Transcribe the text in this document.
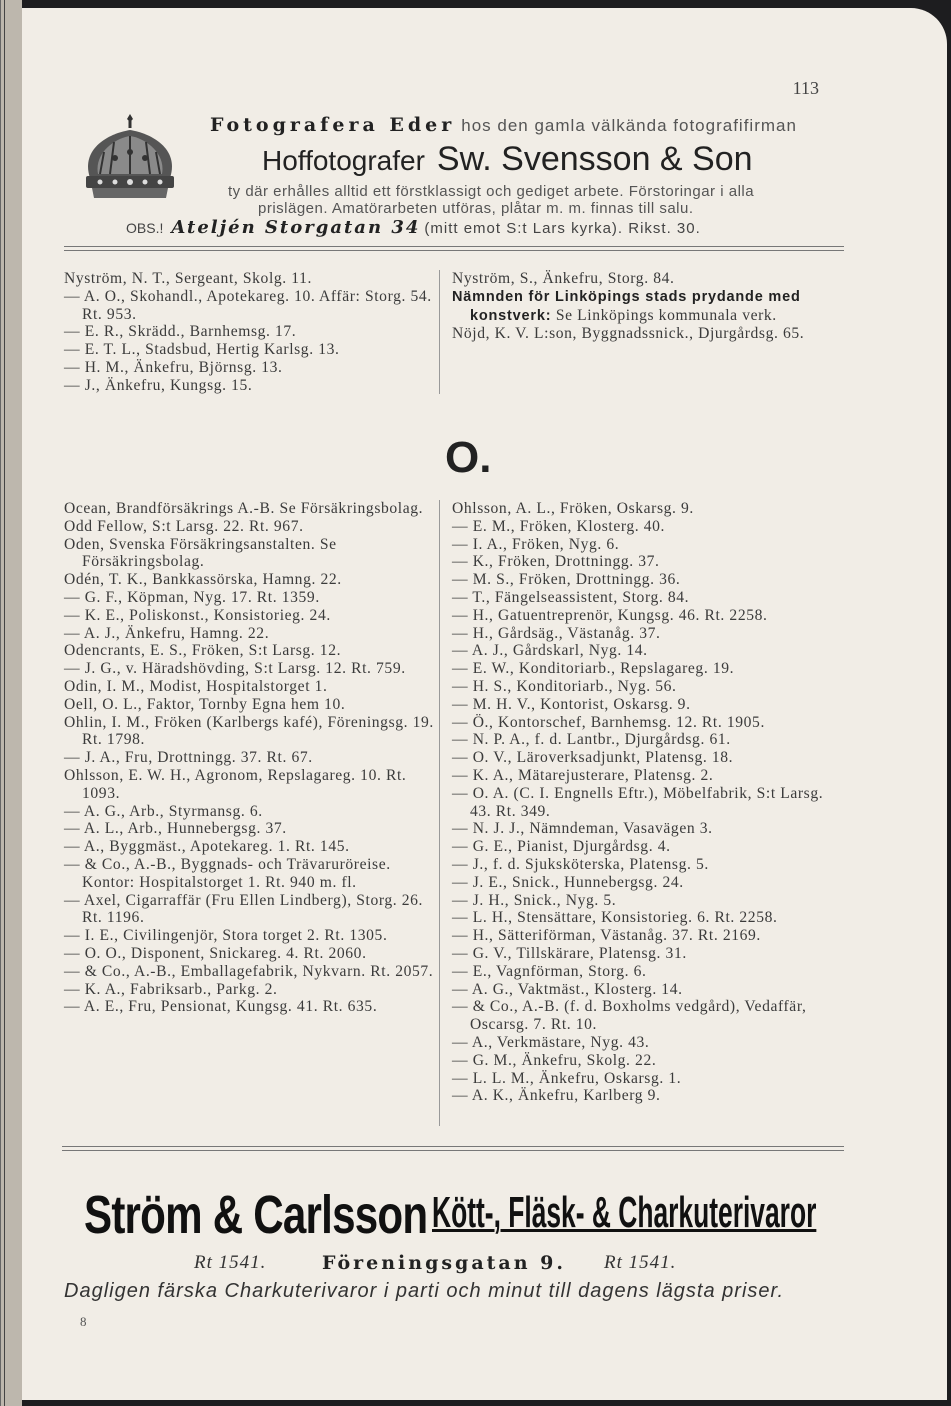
113
Fotografera Eder hos den gamla välkända fotografifirman
Hoffotografer Sw. Svensson & Son
ty där erhålles alltid ett förstklassigt och gediget arbete. Förstoringar i alla
prislägen. Amatörarbeten utföras, plåtar m. m. finnas till salu.
OBS.! Ateljén Storgatan 34 (mitt emot S:t Lars kyrka). Rikst. 30.

Nyström, N. T., Sergeant, Skolg. 11.

— A. O., Skohandl., Apotekareg. 10. Affär: Storg. 54. Rt. 953.

— E. R., Skrädd., Barnhemsg. 17.

— E. T. L., Stadsbud, Hertig Karlsg. 13.

— H. M., Änkefru, Björnsg. 13.

— J., Änkefru, Kungsg. 15.

Nyström, S., Änkefru, Storg. 84.

Nämnden för Linköpings stads prydande med konstverk: Se Linköpings kommunala verk.

Nöjd, K. V. L:son, Byggnadssnick., Djurgårdsg. 65.

O.

Ocean, Brandförsäkrings A.-B. Se Försäkringsbolag.

Odd Fellow, S:t Larsg. 22. Rt. 967.

Oden, Svenska Försäkringsanstalten. Se Försäkringsbolag.

Odén, T. K., Bankkassörska, Hamng. 22.

— G. F., Köpman, Nyg. 17. Rt. 1359.

— K. E., Poliskonst., Konsistorieg. 24.

— A. J., Änkefru, Hamng. 22.

Odencrants, E. S., Fröken, S:t Larsg. 12.

— J. G., v. Häradshövding, S:t Larsg. 12. Rt. 759.

Odin, I. M., Modist, Hospitalstorget 1.

Oell, O. L., Faktor, Tornby Egna hem 10.

Ohlin, I. M., Fröken (Karlbergs kafé), Föreningsg. 19. Rt. 1798.

— J. A., Fru, Drottningg. 37. Rt. 67.

Ohlsson, E. W. H., Agronom, Repslagareg. 10. Rt. 1093.

— A. G., Arb., Styrmansg. 6.

— A. L., Arb., Hunnebergsg. 37.

— A., Byggmäst., Apotekareg. 1. Rt. 145.

— & Co., A.-B., Byggnads- och Trävaruröreise. Kontor: Hospitalstorget 1. Rt. 940 m. fl.

— Axel, Cigarraffär (Fru Ellen Lindberg), Storg. 26. Rt. 1196.

— I. E., Civilingenjör, Stora torget 2. Rt. 1305.

— O. O., Disponent, Snickareg. 4. Rt. 2060.

— & Co., A.-B., Emballagefabrik, Nykvarn. Rt. 2057.

— K. A., Fabriksarb., Parkg. 2.

— A. E., Fru, Pensionat, Kungsg. 41. Rt. 635.

Ohlsson, A. L., Fröken, Oskarsg. 9.

— E. M., Fröken, Klosterg. 40.

— I. A., Fröken, Nyg. 6.

— K., Fröken, Drottningg. 37.

— M. S., Fröken, Drottningg. 36.

— T., Fängelseassistent, Storg. 84.

— H., Gatuentreprenör, Kungsg. 46. Rt. 2258.

— H., Gårdsäg., Västanåg. 37.

— A. J., Gårdskarl, Nyg. 14.

— E. W., Konditoriarb., Repslagareg. 19.

— H. S., Konditoriarb., Nyg. 56.

— M. H. V., Kontorist, Oskarsg. 9.

— Ö., Kontorschef, Barnhemsg. 12. Rt. 1905.

— N. P. A., f. d. Lantbr., Djurgårdsg. 61.

— O. V., Läroverksadjunkt, Platensg. 18.

— K. A., Mätarejusterare, Platensg. 2.

— O. A. (C. I. Engnells Eftr.), Möbelfabrik, S:t Larsg. 43. Rt. 349.

— N. J. J., Nämndeman, Vasavägen 3.

— G. E., Pianist, Djurgårdsg. 4.

— J., f. d. Sjuksköterska, Platensg. 5.

— J. E., Snick., Hunnebergsg. 24.

— J. H., Snick., Nyg. 5.

— L. H., Stensättare, Konsistorieg. 6. Rt. 2258.

— H., Sätteriförman, Västanåg. 37. Rt. 2169.

— G. V., Tillskärare, Platensg. 31.

— E., Vagnförman, Storg. 6.

— A. G., Vaktmäst., Klosterg. 14.

— & Co., A.-B. (f. d. Boxholms vedgård), Vedaffär, Oscarsg. 7. Rt. 10.

— A., Verkmästare, Nyg. 43.

— G. M., Änkefru, Skolg. 22.

— L. L. M., Änkefru, Oskarsg. 1.

— A. K., Änkefru, Karlberg 9.

Ström & Carlsson Kött-, Fläsk- & Charkuterivaror
Rt 1541.	Föreningsgatan 9. Rt 1541.
Dagligen färska Charkuterivaror i parti och minut till dagens lägsta priser.
8
